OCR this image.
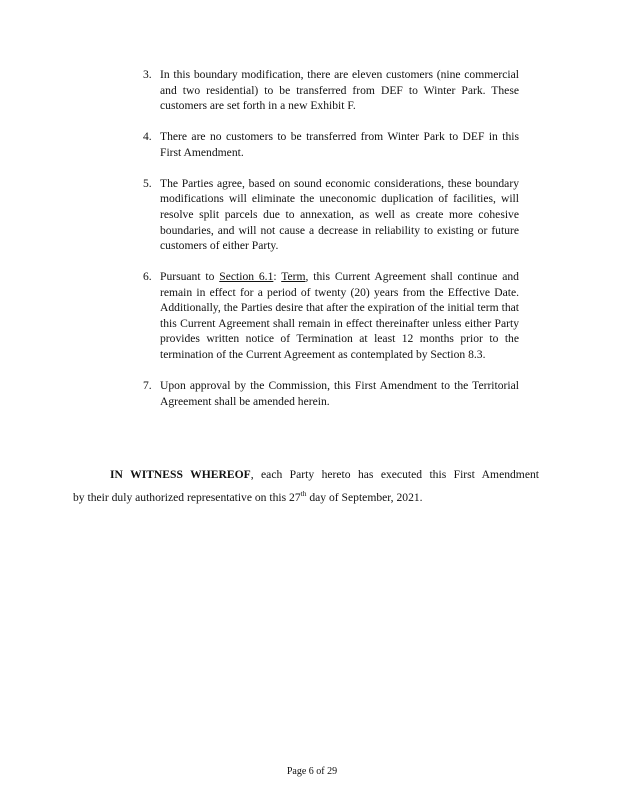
3. In this boundary modification, there are eleven customers (nine commercial and two residential) to be transferred from DEF to Winter Park. These customers are set forth in a new Exhibit F.
4. There are no customers to be transferred from Winter Park to DEF in this First Amendment.
5. The Parties agree, based on sound economic considerations, these boundary modifications will eliminate the uneconomic duplication of facilities, will resolve split parcels due to annexation, as well as create more cohesive boundaries, and will not cause a decrease in reliability to existing or future customers of either Party.
6. Pursuant to Section 6.1: Term, this Current Agreement shall continue and remain in effect for a period of twenty (20) years from the Effective Date. Additionally, the Parties desire that after the expiration of the initial term that this Current Agreement shall remain in effect thereinafter unless either Party provides written notice of Termination at least 12 months prior to the termination of the Current Agreement as contemplated by Section 8.3.
7. Upon approval by the Commission, this First Amendment to the Territorial Agreement shall be amended herein.
IN WITNESS WHEREOF, each Party hereto has executed this First Amendment
by their duly authorized representative on this 27th day of September, 2021.
Page 6 of 29
